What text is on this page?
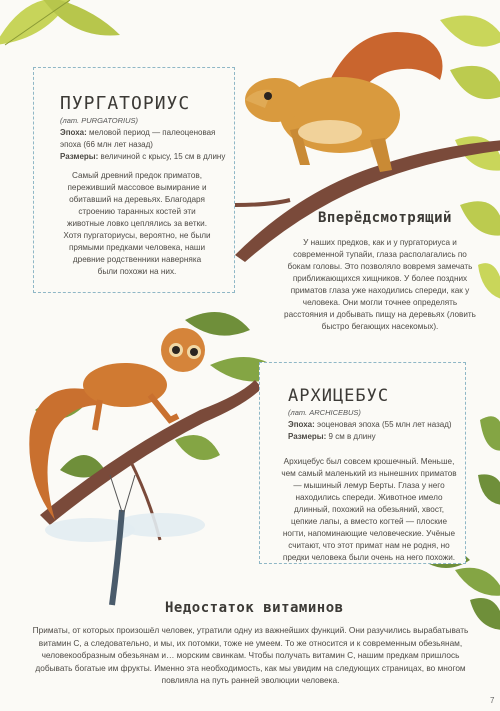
ПУРГАТОРИУС
(лат. PURGATORIUS)
Эпоха: меловой период — палеоценовая
эпоха (66 млн лет назад)
Размеры: величиной с крысу, 15 см в длину
Самый древний предок приматов, переживший массовое вымирание и обитавший на деревьях. Благодаря строению таранных костей эти животные ловко цеплялись за ветки. Хотя пургаториусы, вероятно, не были прямыми предками человека, наши древние родственники наверняка были похожи на них.
Вперёдсмотрящий
У наших предков, как и у пургаториуса и современной тупайи, глаза располагались по бокам головы. Это позволяло вовремя замечать приближающихся хищников. У более поздних приматов глаза уже находились спереди, как у человека. Они могли точнее определять расстояния и добывать пищу на деревьях (ловить быстро бегающих насекомых).
АРХИЦЕБУС
(лат. ARCHICEBUS)
Эпоха: эоценовая эпоха (55 млн лет назад)
Размеры: 9 см в длину
Архицебус был совсем крошечный. Меньше, чем самый маленький из нынешних приматов — мышиный лемур Берты. Глаза у него находились спереди. Животное имело длинный, похожий на обезьяний, хвост, цепкие лапы, а вместо когтей — плоские ногти, напоминающие человеческие. Учёные считают, что этот примат нам не родня, но предки человека были очень на него похожи.
Недостаток витаминов
Приматы, от которых произошёл человек, утратили одну из важнейших функций. Они разучились вырабатывать витамин C, а следовательно, и мы, их потомки, тоже не умеем. То же относится и к современным обезьянам, человекообразным обезьянам и… морским свинкам. Чтобы получать витамин C, нашим предкам пришлось добывать богатые им фрукты. Именно эта необходимость, как мы увидим на следующих страницах, во многом повлияла на путь ранней эволюции человека.
7
